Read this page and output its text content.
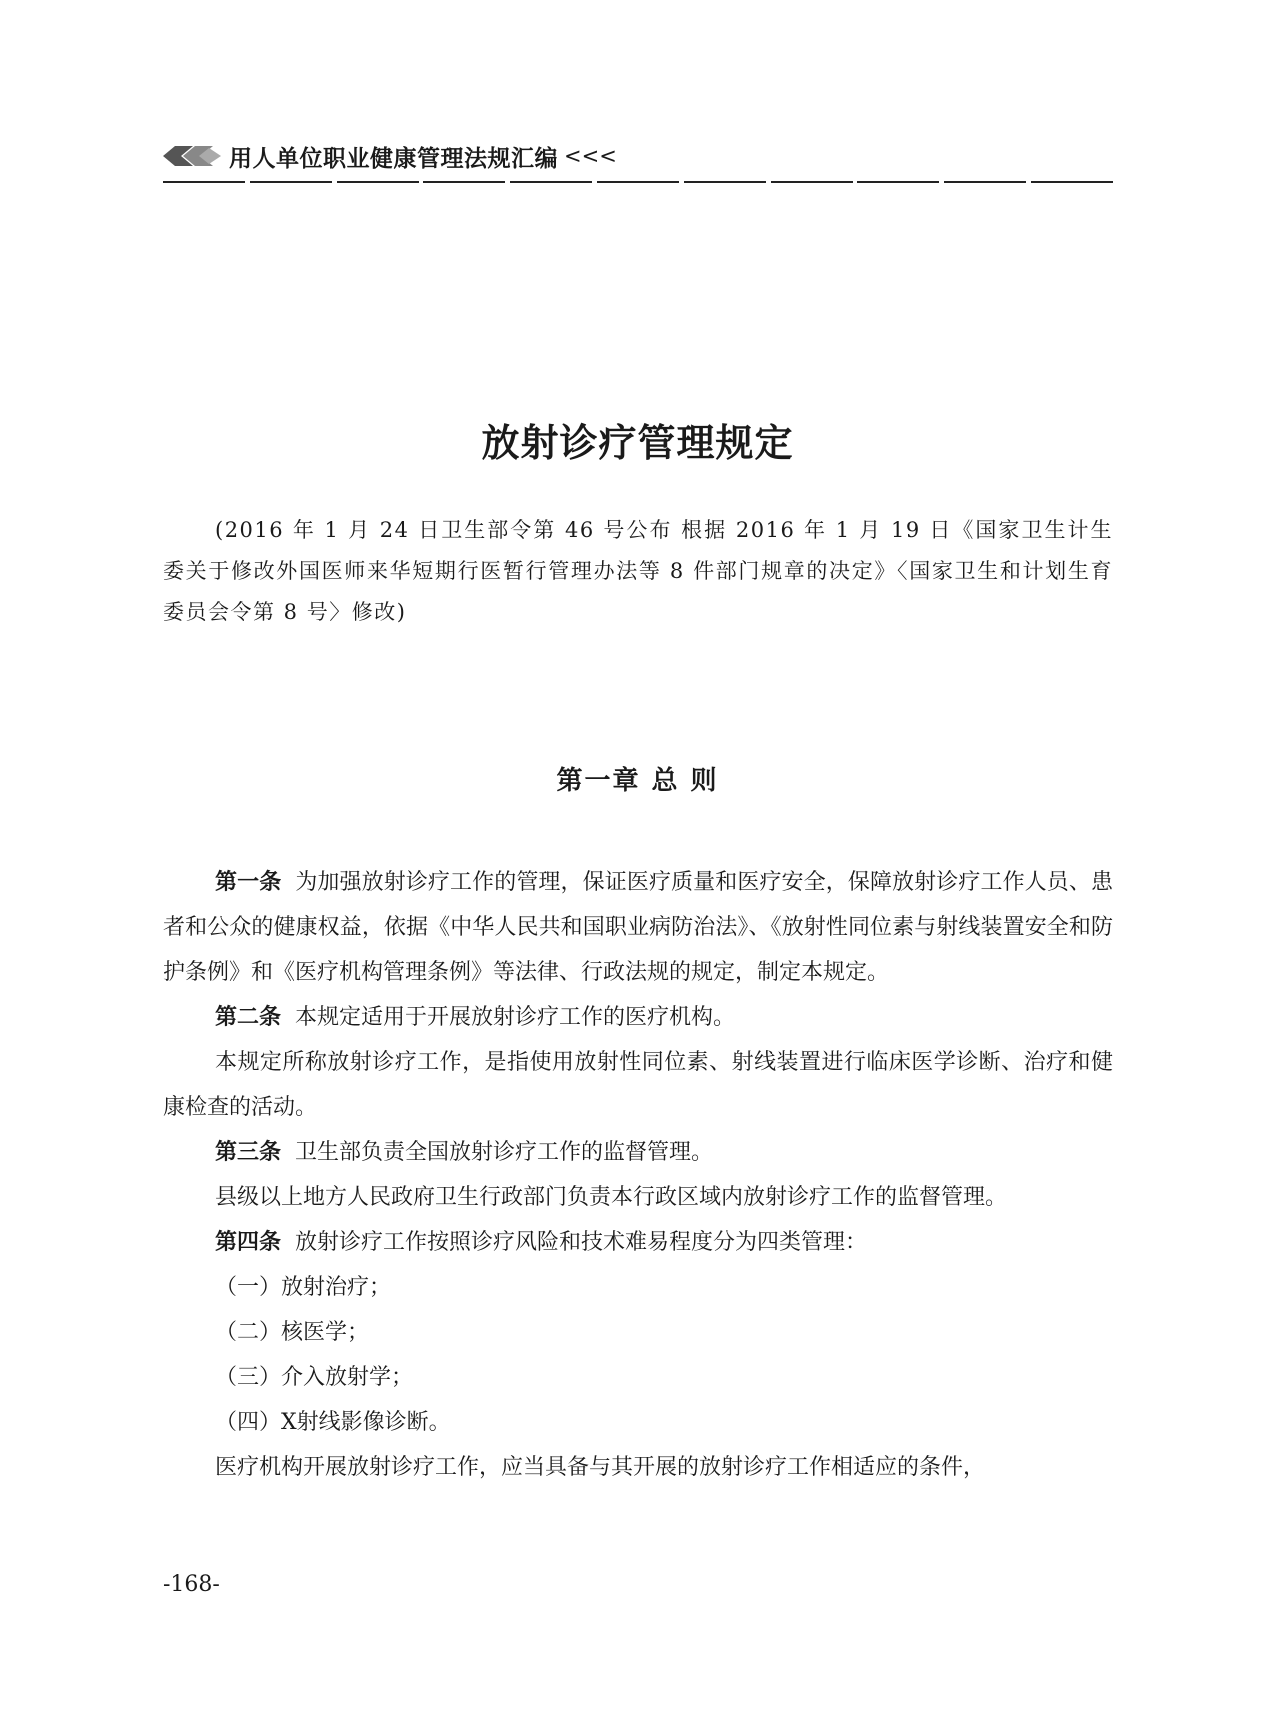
用人单位职业健康管理法规汇编 <<<
放射诊疗管理规定
(2016 年 1 月 24 日卫生部令第 46 号公布 根据 2016 年 1 月 19 日《国家卫生计生委关于修改外国医师来华短期行医暂行管理办法等 8 件部门规章的决定》〈国家卫生和计划生育委员会令第 8 号〉修改)
第一章 总 则

第一条 为加强放射诊疗工作的管理，保证医疗质量和医疗安全，保障放射诊疗工作人员、患者和公众的健康权益，依据《中华人民共和国职业病防治法》、《放射性同位素与射线装置安全和防护条例》和《医疗机构管理条例》等法律、行政法规的规定，制定本规定。

第二条 本规定适用于开展放射诊疗工作的医疗机构。

本规定所称放射诊疗工作，是指使用放射性同位素、射线装置进行临床医学诊断、治疗和健康检查的活动。

第三条 卫生部负责全国放射诊疗工作的监督管理。

县级以上地方人民政府卫生行政部门负责本行政区域内放射诊疗工作的监督管理。

第四条 放射诊疗工作按照诊疗风险和技术难易程度分为四类管理：

（一）放射治疗；

（二）核医学；

（三）介入放射学；

（四）X射线影像诊断。

医疗机构开展放射诊疗工作，应当具备与其开展的放射诊疗工作相适应的条件，

-168-
